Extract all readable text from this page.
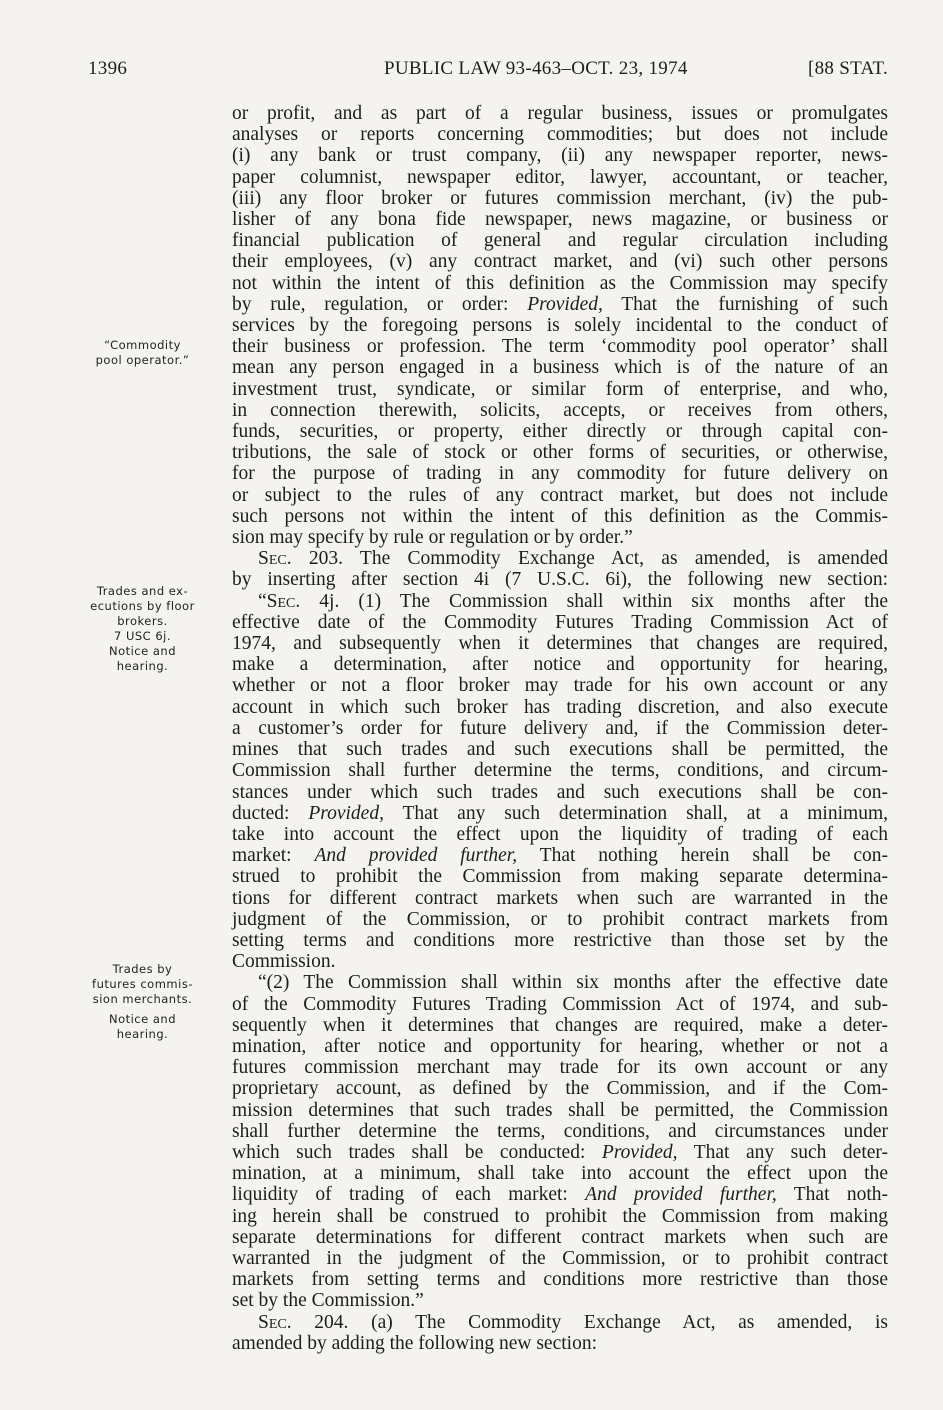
1396	PUBLIC LAW 93-463–OCT. 23, 1974	[88 STAT.
“Commodity
pool operator.”
Trades and ex-
ecutions by floor
brokers.
7 USC 6j.
Notice and
hearing.
Trades by
futures commis-
sion merchants.
Notice and
hearing.
or profit, and as part of a regular business, issues or promulgates
analyses or reports concerning commodities; but does not include
(i) any bank or trust company, (ii) any newspaper reporter, news-
paper columnist, newspaper editor, lawyer, accountant, or teacher,
(iii) any floor broker or futures commission merchant, (iv) the pub-
lisher of any bona fide newspaper, news magazine, or business or
financial publication of general and regular circulation including
their employees, (v) any contract market, and (vi) such other persons
not within the intent of this definition as the Commission may specify
by rule, regulation, or order: Provided, That the furnishing of such
services by the foregoing persons is solely incidental to the conduct of
their business or profession. The term ‘commodity pool operator’ shall
mean any person engaged in a business which is of the nature of an
investment trust, syndicate, or similar form of enterprise, and who,
in connection therewith, solicits, accepts, or receives from others,
funds, securities, or property, either directly or through capital con-
tributions, the sale of stock or other forms of securities, or otherwise,
for the purpose of trading in any commodity for future delivery on
or subject to the rules of any contract market, but does not include
such persons not within the intent of this definition as the Commis-
sion may specify by rule or regulation or by order.”
Sec. 203. The Commodity Exchange Act, as amended, is amended
by inserting after section 4i (7 U.S.C. 6i), the following new section:
“Sec. 4j. (1) The Commission shall within six months after the
effective date of the Commodity Futures Trading Commission Act of
1974, and subsequently when it determines that changes are required,
make a determination, after notice and opportunity for hearing,
whether or not a floor broker may trade for his own account or any
account in which such broker has trading discretion, and also execute
a customer’s order for future delivery and, if the Commission deter-
mines that such trades and such executions shall be permitted, the
Commission shall further determine the terms, conditions, and circum-
stances under which such trades and such executions shall be con-
ducted: Provided, That any such determination shall, at a minimum,
take into account the effect upon the liquidity of trading of each
market: And provided further, That nothing herein shall be con-
strued to prohibit the Commission from making separate determina-
tions for different contract markets when such are warranted in the
judgment of the Commission, or to prohibit contract markets from
setting terms and conditions more restrictive than those set by the
Commission.
“(2) The Commission shall within six months after the effective date
of the Commodity Futures Trading Commission Act of 1974, and sub-
sequently when it determines that changes are required, make a deter-
mination, after notice and opportunity for hearing, whether or not a
futures commission merchant may trade for its own account or any
proprietary account, as defined by the Commission, and if the Com-
mission determines that such trades shall be permitted, the Commission
shall further determine the terms, conditions, and circumstances under
which such trades shall be conducted: Provided, That any such deter-
mination, at a minimum, shall take into account the effect upon the
liquidity of trading of each market: And provided further, That noth-
ing herein shall be construed to prohibit the Commission from making
separate determinations for different contract markets when such are
warranted in the judgment of the Commission, or to prohibit contract
markets from setting terms and conditions more restrictive than those
set by the Commission.”
Sec. 204. (a) The Commodity Exchange Act, as amended, is
amended by adding the following new section:
